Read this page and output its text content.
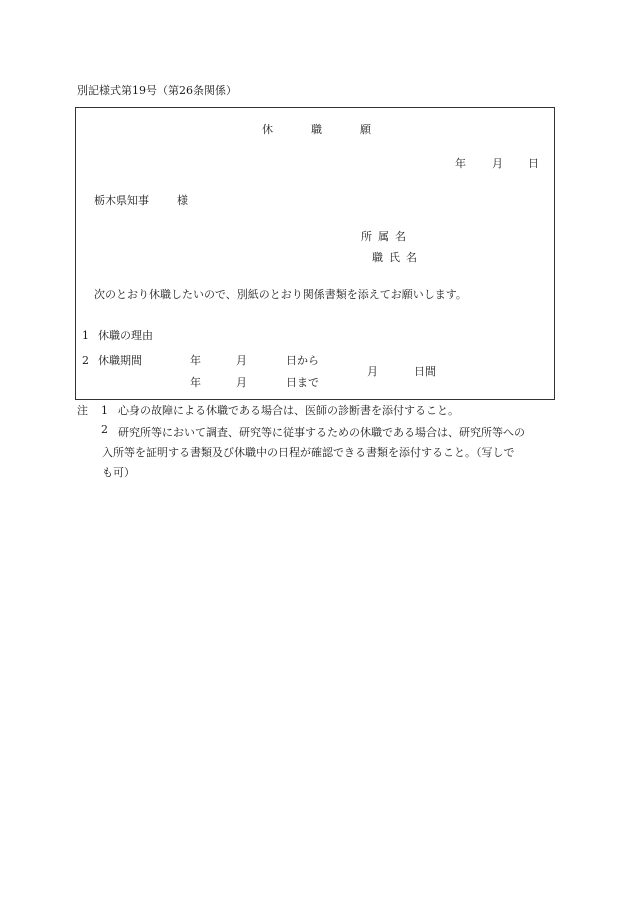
別記様式第19号（第26条関係）
休	職	願
年 月 日
栃木県知事	様
所属名
職氏名
次のとおり休職したいので、別紙のとおり関係書類を添えてお願いします。
1 休職の理由
2 休職期間	年	月	日から
年	月	日まで
月	日間
注 1 心身の故障による休職である場合は、医師の診断書を添付すること。
2 研究所等において調査、研究等に従事するための休職である場合は、研究所等への
入所等を証明する書類及び休職中の日程が確認できる書類を添付すること。（写しで
も可）
